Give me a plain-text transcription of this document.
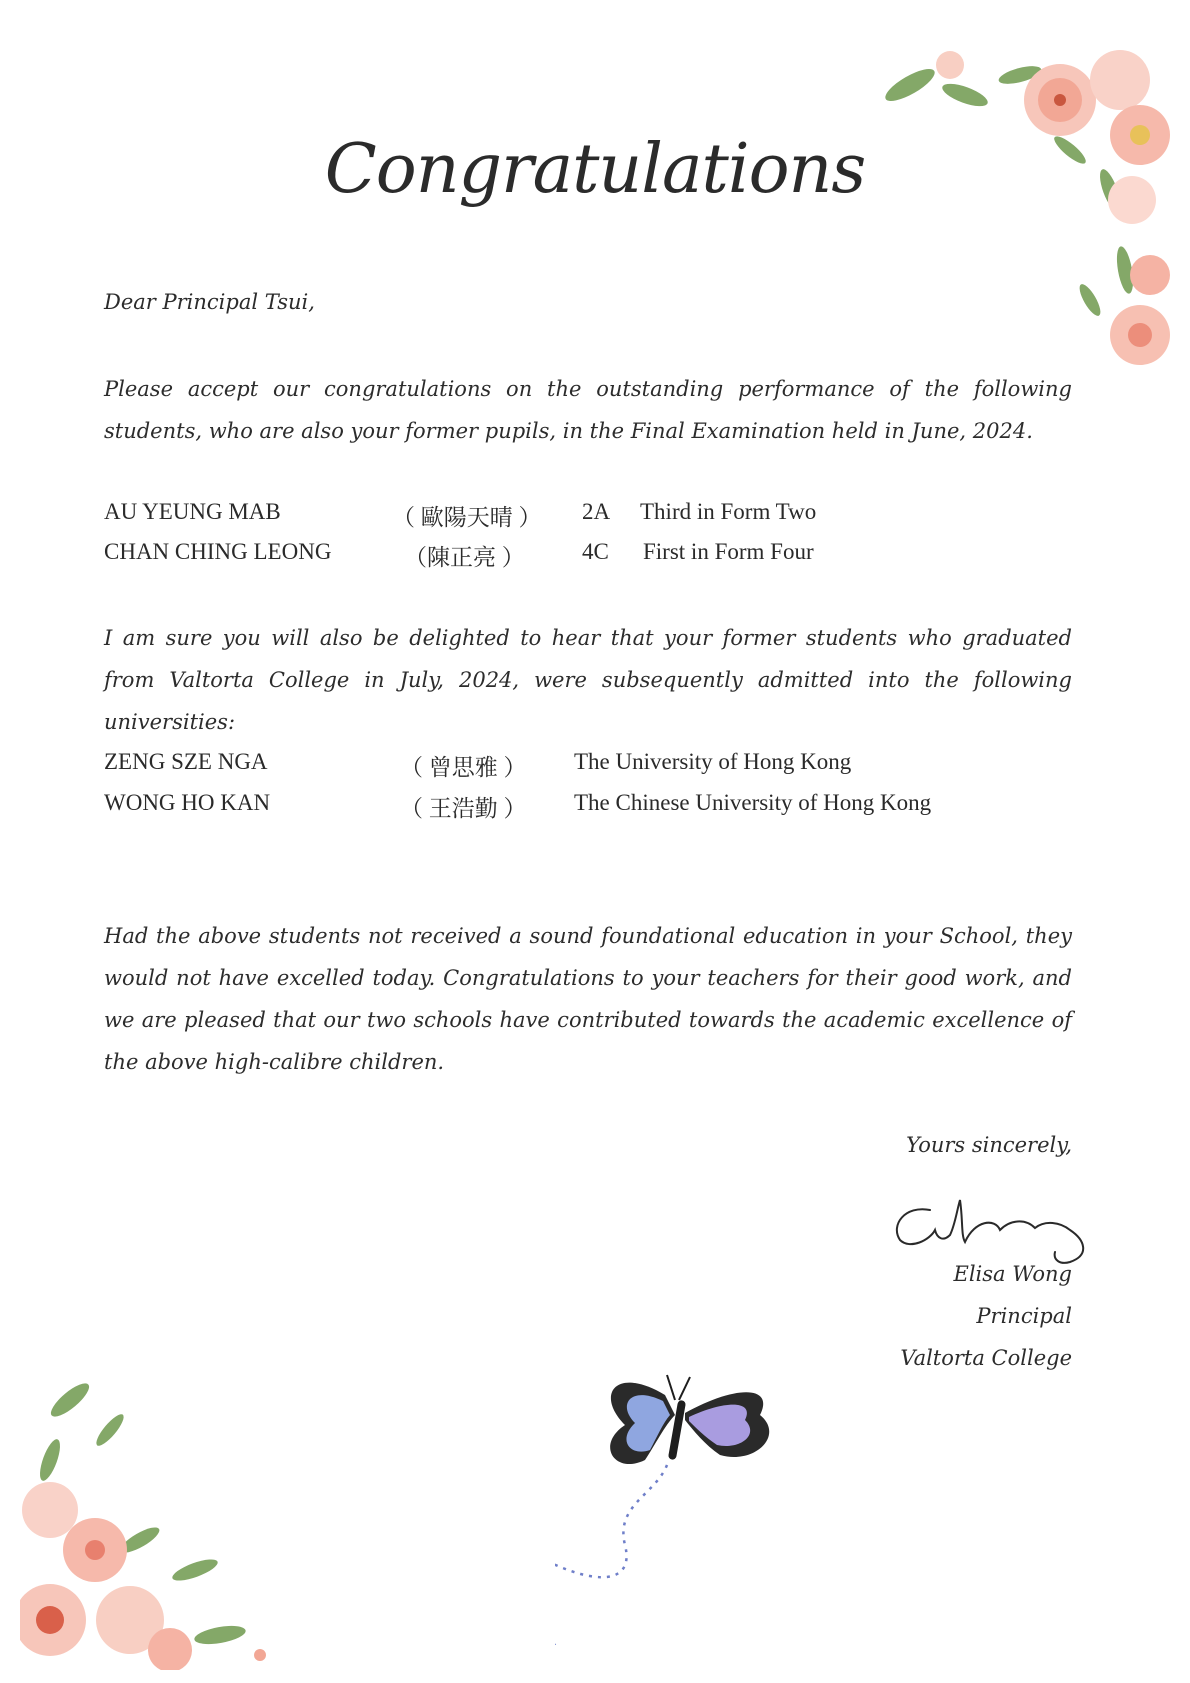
Congratulations
Dear Principal Tsui,
Please accept our congratulations on the outstanding performance of the following students, who are also your former pupils, in the Final Examination held in June, 2024.
AU YEUNG MAB	（ 歐陽天晴 ） 2A Third in Form Two
CHAN CHING LEONG	（陳正亮 ） 4C First in Form Four
I am sure you will also be delighted to hear that your former students who graduated from Valtorta College in July, 2024, were subsequently admitted into the following universities:
ZENG SZE NGA	（ 曾思雅 ） The University of Hong Kong
WONG HO KAN	（ 王浩勤 ） The Chinese University of Hong Kong
Had the above students not received a sound foundational education in your School, they would not have excelled today. Congratulations to your teachers for their good work, and we are pleased that our two schools have contributed towards the academic excellence of the above high-calibre children.
Yours sincerely,
Elisa Wong
Principal
Valtorta College
